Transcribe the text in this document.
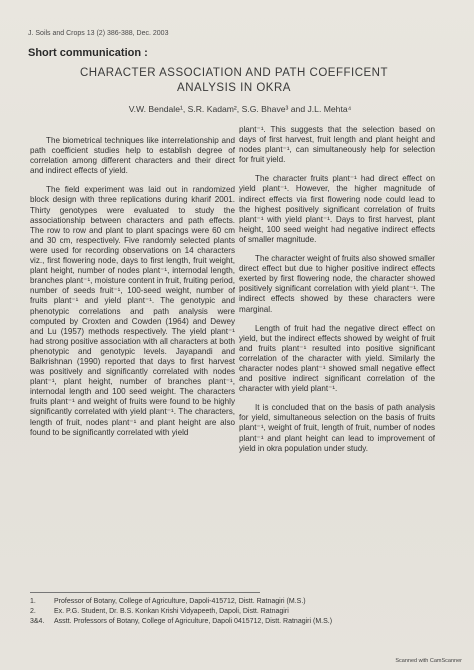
J. Soils and Crops 13 (2) 386-388, Dec. 2003
Short communication :
CHARACTER ASSOCIATION AND PATH COEFFICENT
ANALYSIS IN OKRA
V.W. Bendale¹, S.R. Kadam², S.G. Bhave³ and J.L. Mehta⁴

The biometrical techniques like interrelationship and path coefficient studies help to establish degree of correlation among different characters and their direct and indirect effects of yield.

The field experiment was laid out in randomized block design with three replications during kharif 2001. Thirty genotypes were evaluated to study the associationship between characters and path effects. The row to row and plant to plant spacings were 60 cm and 30 cm, respectively. Five randomly selected plants were used for recording observations on 14 characters viz., first flowering node, days to first length, fruit weight, plant height, number of nodes plant⁻¹, internodal length, branches plant⁻¹, moisture content in fruit, fruiting period, number of seeds fruit⁻¹, 100-seed weight, number of fruits plant⁻¹ and yield plant⁻¹. The genotypic and phenotypic correlations and path analysis were computed by Croxten and Cowden (1964) and Dewey and Lu (1957) methods respectively. The yield plant⁻¹ had strong positive association with all characters at both phenotypic and genotypic levels. Jayapandi and Balkrishnan (1990) reported that days to first harvest was positively and significantly correlated with nodes plant⁻¹, plant height, number of branches plant⁻¹, internodal length and 100 seed weight. The characters fruits plant⁻¹ and weight of fruits were found to be highly significantly correlated with yield plant⁻¹. The characters, length of fruit, nodes plant⁻¹ and plant height are also found to be significantly correlated with yield

plant⁻¹. This suggests that the selection based on days of first harvest, fruit length and plant height and nodes plant⁻¹, can simultaneously help for selection for fruit yield.

The character fruits plant⁻¹ had direct effect on yield plant⁻¹. However, the higher magnitude of indirect effects via first flowering node could lead to the highest positively significant correlation of fruits plant⁻¹ with yield plant⁻¹. Days to first harvest, plant height, 100 seed weight had negative indirect effects of smaller magnitude.

The character weight of fruits also showed smaller direct effect but due to higher positive indirect effects exerted by first flowering node, the character showed positively significant correlation with yield plant⁻¹. The indirect effects showed by these characters were marginal.

Length of fruit had the negative direct effect on yield, but the indirect effects showed by weight of fruit and fruits plant⁻¹ resulted into positive significant correlation of the character with yield. Similarly the character nodes plant⁻¹ showed small negative effect and positive indirect significant correlation of the character with yield plant⁻¹.

It is concluded that on the basis of path analysis for yield, simultaneous selection on the basis of fruits plant⁻¹, weight of fruit, length of fruit, number of nodes plant⁻¹ and plant height can lead to improvement of yield in okra population under study.

1.	Professor of Botany, College of Agriculture, Dapoli-415712, Distt. Ratnagiri (M.S.)
2.	Ex. P.G. Student, Dr. B.S. Konkan Krishi Vidyapeeth, Dapoli, Distt. Ratnagiri
3&4.	Asstt. Professors of Botany, College of Agriculture, Dapoli 0415712, Distt. Ratnagiri (M.S.)
Scanned with CamScanner
